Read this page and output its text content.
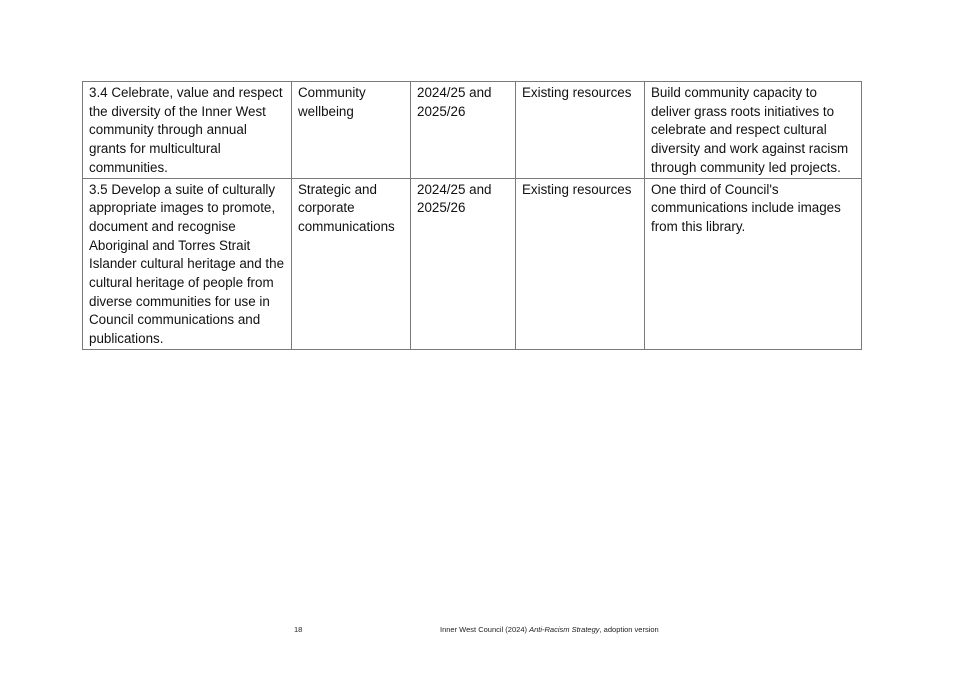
3.4 Celebrate, value and respect the diversity of the Inner West community through annual grants for multicultural communities.	Community wellbeing	2024/25 and 2025/26	Existing resources	Build community capacity to deliver grass roots initiatives to celebrate and respect cultural diversity and work against racism through community led projects.
3.5 Develop a suite of culturally appropriate images to promote, document and recognise Aboriginal and Torres Strait Islander cultural heritage and the cultural heritage of people from diverse communities for use in Council communications and publications.	Strategic and corporate communications	2024/25 and 2025/26	Existing resources	One third of Council's communications include images from this library.
18	Inner West Council (2024) Anti-Racism Strategy, adoption version
